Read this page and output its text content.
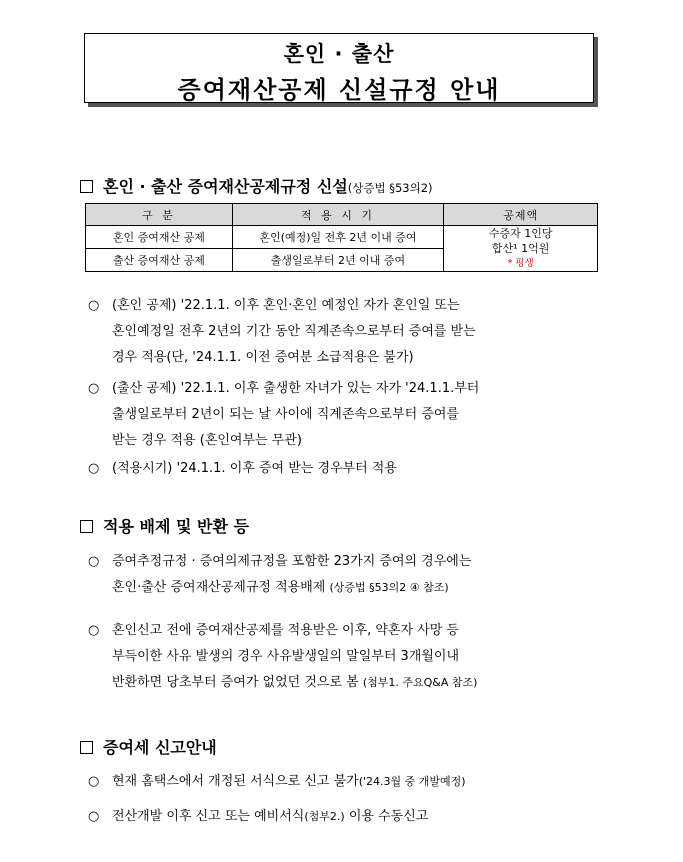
혼인 · 출산
증여재산공제 신설규정 안내
혼인 · 출산 증여재산공제규정 신설(상증법 §53의2)
구 분	적 용 시 기	공제액
혼인 증여재산 공제	혼인(예정)일 전후 2년 이내 증여	수증자 1인당
합산¹ 1억원
* 평생

출산 증여재산 공제	출생일로부터 2년 이내 증여	
○ (혼인 공제) '22.1.1. 이후 혼인·혼인 예정인 자가 혼인일 또는
혼인예정일 전후 2년의 기간 동안 직계존속으로부터 증여를 받는
경우 적용(단, '24.1.1. 이전 증여분 소급적용은 불가)
○ (출산 공제) '22.1.1. 이후 출생한 자녀가 있는 자가 '24.1.1.부터
출생일로부터 2년이 되는 날 사이에 직계존속으로부터 증여를
받는 경우 적용 (혼인여부는 무관)
○ (적용시기) '24.1.1. 이후 증여 받는 경우부터 적용
적용 배제 및 반환 등
○ 증여추정규정 · 증여의제규정을 포함한 23가지 증여의 경우에는
혼인·출산 증여재산공제규정 적용배제 (상증법 §53의2 ④ 참조)
○ 혼인신고 전에 증여재산공제를 적용받은 이후, 약혼자 사망 등
부득이한 사유 발생의 경우 사유발생일의 말일부터 3개월이내
반환하면 당초부터 증여가 없었던 것으로 봄 (첨부1. 주요Q&A 참조)
증여세 신고안내
○ 현재 홈택스에서 개정된 서식으로 신고 불가('24.3월 중 개발예정)
○ 전산개발 이후 신고 또는 예비서식(첨부2.) 이용 수동신고
